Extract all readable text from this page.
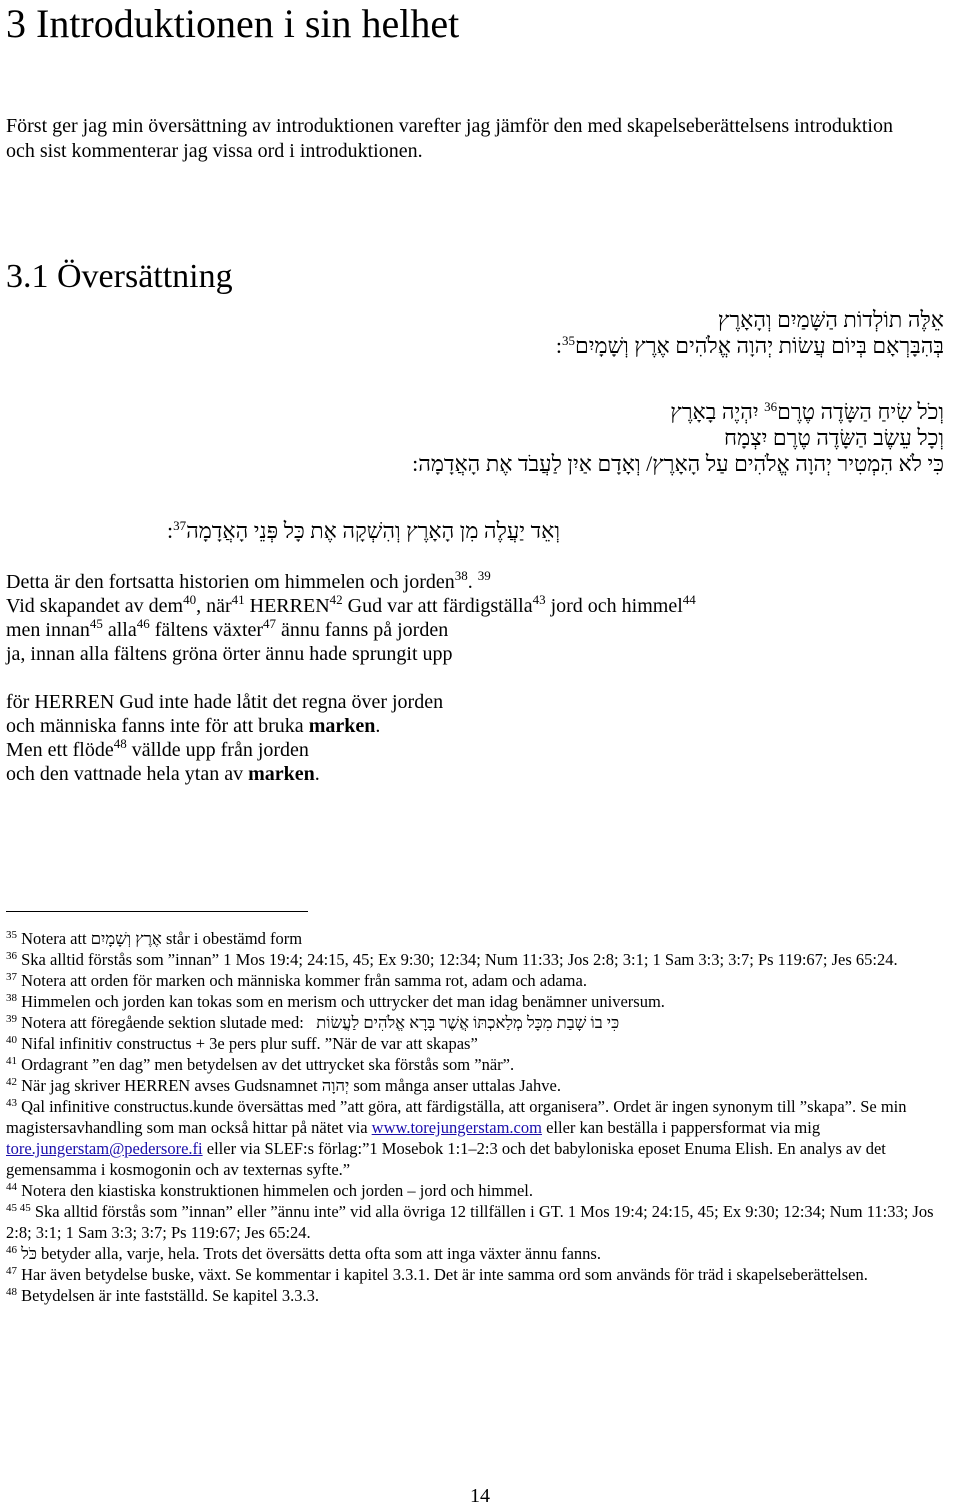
3 Introduktionen i sin helhet

Först ger jag min översättning av introduktionen varefter jag jämför den med skapelseberättelsens introduktion och sist kommenterar jag vissa ord i introduktionen.

3.1 Översättning
אֵלֶּה תוֹלְדוֹת הַשָּׁמַיִם וְהָאָרֶץ
בְּהִבָּרְאָם בְּיוֹם עֲשׂוֹת יְהוָה אֱלֹהִים אֶרֶץ וְשָׁמָיִם$^{35}$:
וְכֹל שִׂיחַ הַשָּׂדֶה טֶרֶם$^{36}$ יִהְיֶה בָאָרֶץ
וְכָל עֵשֶׂב הַשָּׂדֶה טֶרֶם יִצְמָח
כִּי לֹא הִמְטִיר יְהוָה אֱלֹהִים עַל הָאָרֶץ/ וְאָדָם אַיִן לַעֲבֹד אֶת הָאֲדָמָה:
וְאֵד יַעֲלֶה מִן הָאָרֶץ וְהִשְׁקָה אֶת כָּל פְּנֵי הָאֲדָמָה$^{37}$:
Detta är den fortsatta historien om himmelen och jorden$^{38}$. $^{39}$
Vid skapandet av dem$^{40}$, när$^{41}$ HERREN$^{42}$ Gud var att färdigställa$^{43}$ jord och himmel$^{44}$
men innan$^{45}$ alla$^{46}$ fältens växter$^{47}$ ännu fanns på jorden
ja, innan alla fältens gröna örter ännu hade sprungit upp
för HERREN Gud inte hade låtit det regna över jorden
och människa fanns inte för att bruka marken.
Men ett flöde$^{48}$ vällde upp från jorden
och den vattnade hela ytan av marken.

$^{35}$ Notera att אֶרֶץ וְשָׁמָיִם står i obestämd form

$^{36}$ Ska alltid förstås som ”innan” 1 Mos 19:4; 24:15, 45; Ex 9:30; 12:34; Num 11:33; Jos 2:8; 3:1; 1 Sam 3:3; 3:7; Ps 119:67; Jes 65:24.

$^{37}$ Notera att orden för marken och människa kommer från samma rot, adam och adama.

$^{38}$ Himmelen och jorden kan tokas som en merism och uttrycker det man idag benämner universum.

$^{39}$ Notera att föregående sektion slutade med: כִּי בוֹ שָׁבַת מִכָּל מְלַאכְתּוֹ אֲשֶׁר בָּרָא אֱלֹהִים לַעֲשׂוֹת

$^{40}$ Nifal infinitiv constructus + 3e pers plur suff. ”När de var att skapas”

$^{41}$ Ordagrant ”en dag” men betydelsen av det uttrycket ska förstås som ”när”.

$^{42}$ När jag skriver HERREN avses Gudsnamnet יְהוָה som många anser uttalas Jahve.

$^{43}$ Qal infinitive constructus.kunde översättas med ”att göra, att färdigställa, att organisera”. Ordet är ingen synonym till ”skapa”. Se min magistersavhandling som man också hittar på nätet via www.torejungerstam.com eller kan beställa i pappersformat via mig tore.jungerstam@pedersore.fi eller via SLEF:s förlag:”1 Mosebok 1:1–2:3 och det babyloniska eposet Enuma Elish. En analys av det gemensamma i kosmogonin och av texternas syfte.”

$^{44}$ Notera den kiastiska konstruktionen himmelen och jorden – jord och himmel.

$^{45 45}$ Ska alltid förstås som ”innan” eller ”ännu inte” vid alla övriga 12 tillfällen i GT. 1 Mos 19:4; 24:15, 45; Ex 9:30; 12:34; Num 11:33; Jos 2:8; 3:1; 1 Sam 3:3; 3:7; Ps 119:67; Jes 65:24.

$^{46}$ כֹּל betyder alla, varje, hela. Trots det översätts detta ofta som att inga växter ännu fanns.

$^{47}$ Har även betydelse buske, växt. Se kommentar i kapitel 3.3.1. Det är inte samma ord som används för träd i skapelseberättelsen.

$^{48}$ Betydelsen är inte fastställd. Se kapitel 3.3.3.

14
